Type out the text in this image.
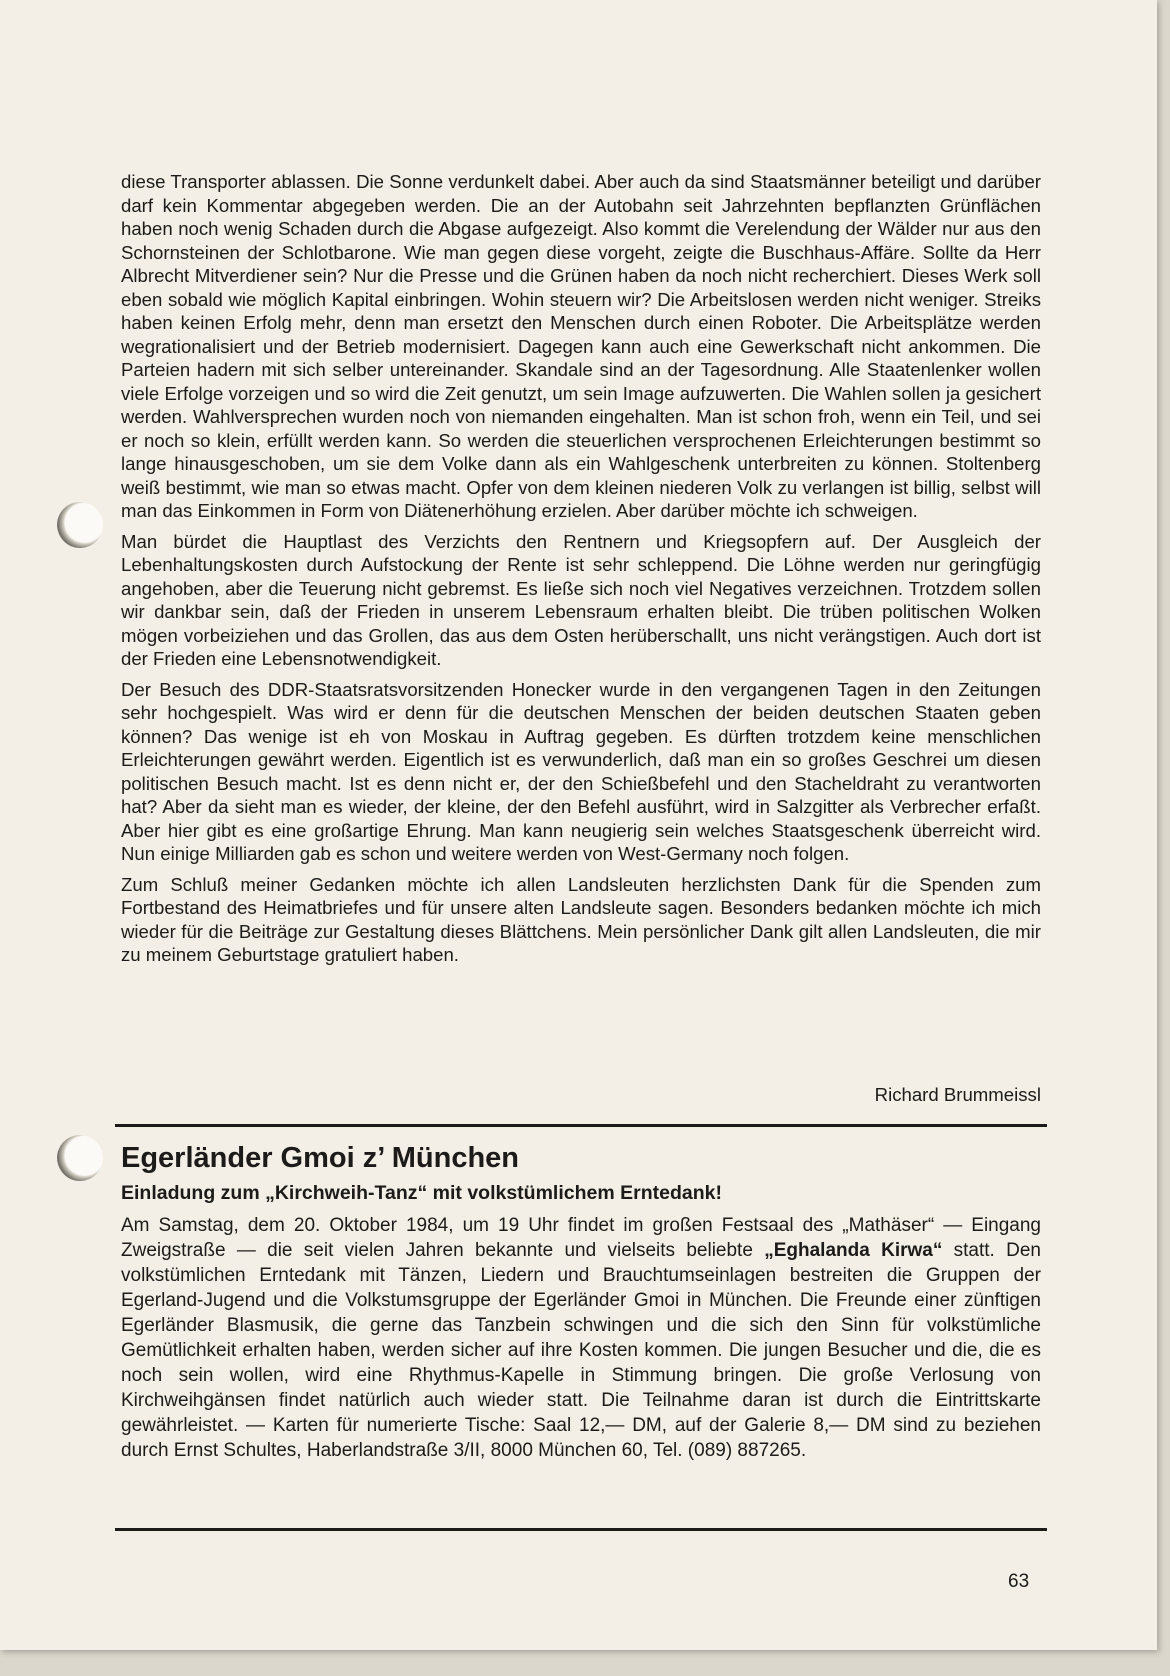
diese Transporter ablassen. Die Sonne verdunkelt dabei. Aber auch da sind Staatsmänner beteiligt und darüber darf kein Kommentar abgegeben werden. Die an der Autobahn seit Jahrzehnten bepflanzten Grünflächen haben noch wenig Schaden durch die Abgase aufgezeigt. Also kommt die Verelendung der Wälder nur aus den Schornsteinen der Schlotbarone. Wie man gegen diese vorgeht, zeigte die Buschhaus-Affäre. Sollte da Herr Albrecht Mitverdiener sein? Nur die Presse und die Grünen haben da noch nicht recherchiert. Dieses Werk soll eben sobald wie möglich Kapital einbringen. Wohin steuern wir? Die Arbeitslosen werden nicht weniger. Streiks haben keinen Erfolg mehr, denn man ersetzt den Menschen durch einen Roboter. Die Arbeitsplätze werden wegrationalisiert und der Betrieb modernisiert. Dagegen kann auch eine Gewerkschaft nicht ankommen. Die Parteien hadern mit sich selber untereinander. Skandale sind an der Tagesordnung. Alle Staatenlenker wollen viele Erfolge vorzeigen und so wird die Zeit genutzt, um sein Image aufzuwerten. Die Wahlen sollen ja gesichert werden. Wahlversprechen wurden noch von niemanden eingehalten. Man ist schon froh, wenn ein Teil, und sei er noch so klein, erfüllt werden kann. So werden die steuerlichen versprochenen Erleichterungen bestimmt so lange hinausgeschoben, um sie dem Volke dann als ein Wahlgeschenk unterbreiten zu können. Stoltenberg weiß bestimmt, wie man so etwas macht. Opfer von dem kleinen niederen Volk zu verlangen ist billig, selbst will man das Einkommen in Form von Diätenerhöhung erzielen. Aber darüber möchte ich schweigen.

Man bürdet die Hauptlast des Verzichts den Rentnern und Kriegsopfern auf. Der Ausgleich der Lebenhaltungskosten durch Aufstockung der Rente ist sehr schleppend. Die Löhne werden nur geringfügig angehoben, aber die Teuerung nicht gebremst. Es ließe sich noch viel Negatives verzeichnen. Trotzdem sollen wir dankbar sein, daß der Frieden in unserem Lebensraum erhalten bleibt. Die trüben politischen Wolken mögen vorbeiziehen und das Grollen, das aus dem Osten herüberschallt, uns nicht verängstigen. Auch dort ist der Frieden eine Lebensnotwendigkeit.

Der Besuch des DDR-Staatsratsvorsitzenden Honecker wurde in den vergangenen Tagen in den Zeitungen sehr hochgespielt. Was wird er denn für die deutschen Menschen der beiden deutschen Staaten geben können? Das wenige ist eh von Moskau in Auftrag gegeben. Es dürften trotzdem keine menschlichen Erleichterungen gewährt werden. Eigentlich ist es verwunderlich, daß man ein so großes Geschrei um diesen politischen Besuch macht. Ist es denn nicht er, der den Schießbefehl und den Stacheldraht zu verantworten hat? Aber da sieht man es wieder, der kleine, der den Befehl ausführt, wird in Salzgitter als Verbrecher erfaßt. Aber hier gibt es eine großartige Ehrung. Man kann neugierig sein welches Staatsgeschenk überreicht wird. Nun einige Milliarden gab es schon und weitere werden von West-Germany noch folgen.

Zum Schluß meiner Gedanken möchte ich allen Landsleuten herzlichsten Dank für die Spenden zum Fortbestand des Heimatbriefes und für unsere alten Landsleute sagen. Besonders bedanken möchte ich mich wieder für die Beiträge zur Gestaltung dieses Blättchens. Mein persönlicher Dank gilt allen Landsleuten, die mir zu meinem Geburtstage gratuliert haben.

Richard Brummeissl
Egerländer Gmoi z’ München
Einladung zum „Kirchweih-Tanz“ mit volkstümlichem Erntedank!

Am Samstag, dem 20. Oktober 1984, um 19 Uhr findet im großen Festsaal des „Mathäser“ — Eingang Zweigstraße — die seit vielen Jahren bekannte und vielseits beliebte „Eghalanda Kirwa“ statt. Den volkstümlichen Erntedank mit Tänzen, Liedern und Brauchtumseinlagen bestreiten die Gruppen der Egerland-Jugend und die Volkstumsgruppe der Egerländer Gmoi in München. Die Freunde einer zünftigen Egerländer Blasmusik, die gerne das Tanzbein schwingen und die sich den Sinn für volkstümliche Gemütlichkeit erhalten haben, werden sicher auf ihre Kosten kommen. Die jungen Besucher und die, die es noch sein wollen, wird eine Rhythmus-Kapelle in Stimmung bringen. Die große Verlosung von Kirchweihgänsen findet natürlich auch wieder statt. Die Teilnahme daran ist durch die Eintrittskarte gewährleistet. — Karten für numerierte Tische: Saal 12,— DM, auf der Galerie 8,— DM sind zu beziehen durch Ernst Schultes, Haberlandstraße 3/II, 8000 München 60, Tel. (089) 887265.

63
